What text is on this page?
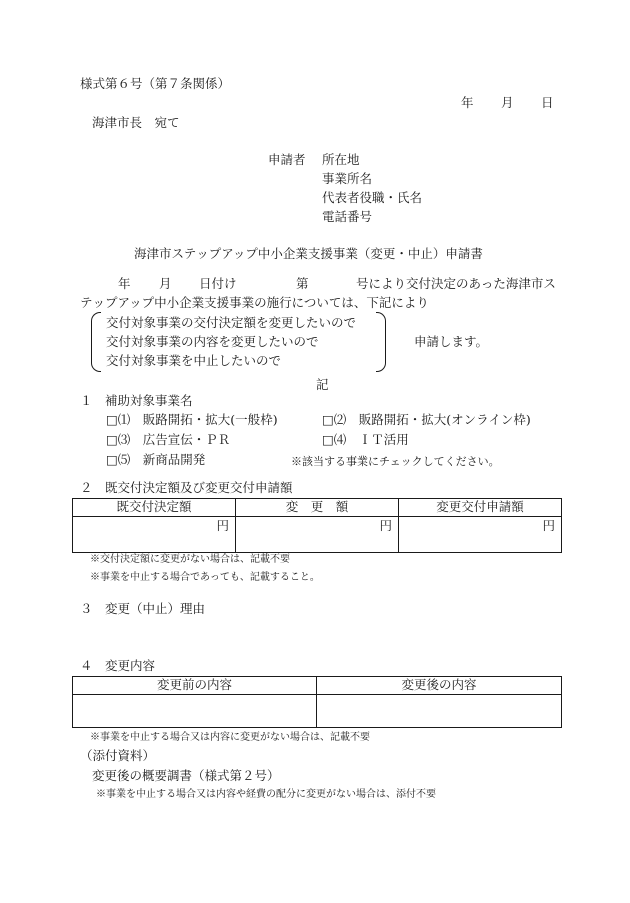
様式第６号（第７条関係）
年 月 日
海津市長　宛て
申請者 所在地
事業所名
代表者役職・氏名
電話番号
海津市ステップアップ中小企業支援事業（変更・中止）申請書
年 月 日付け	第	号により交付決定のあった海津市ス
テップアップ中小企業支援事業の施行については、下記により
交付対象事業の交付決定額を変更したいので
交付対象事業の内容を変更したいので
交付対象事業を中止したいので
申請します。
記
１　補助対象事業名
□⑴　販路開拓・拡大(一般枠)	□⑵　販路開拓・拡大(オンライン枠)
□⑶　広告宣伝・ＰＲ	□⑷　ＩＴ活用
□⑸　新商品開発	※該当する事業にチェックしてください。
２　既交付決定額及び変更交付申請額
既交付決定額	変　更　額	変更交付申請額
円	円	円
※交付決定額に変更がない場合は、記載不要
※事業を中止する場合であっても、記載すること。
３　変更（中止）理由
４　変更内容
変更前の内容	変更後の内容

※事業を中止する場合又は内容に変更がない場合は、記載不要
（添付資料）
変更後の概要調書（様式第２号）
※事業を中止する場合又は内容や経費の配分に変更がない場合は、添付不要
